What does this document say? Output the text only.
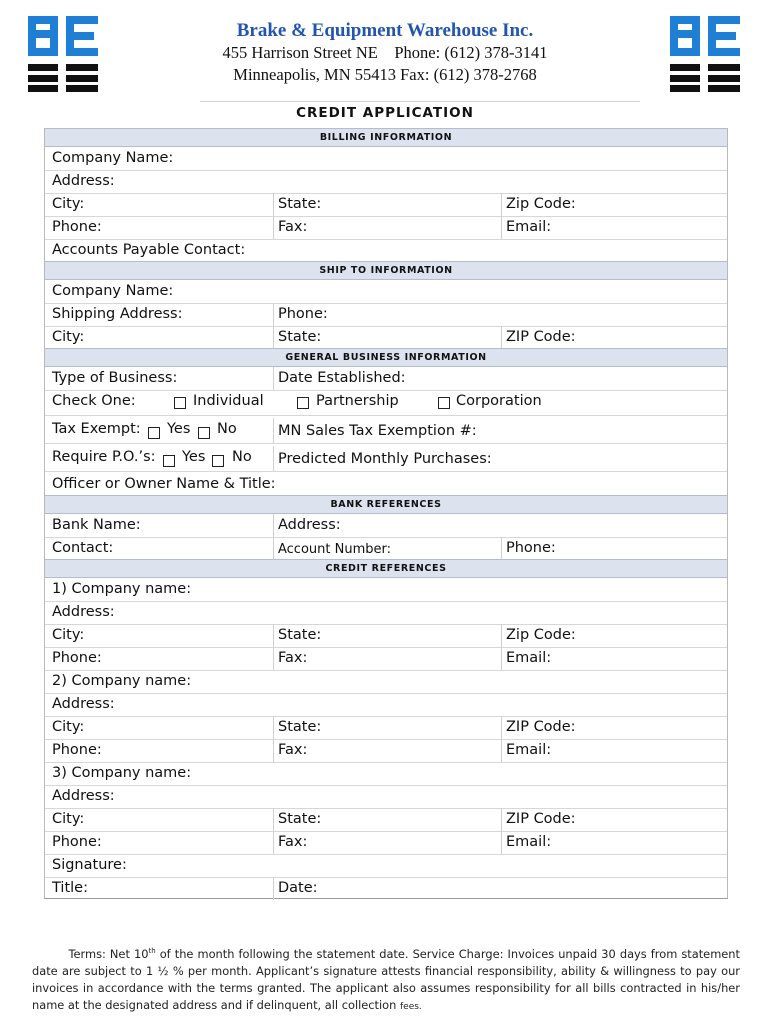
Brake & Equipment Warehouse Inc.
455 Harrison Street NE    Phone: (612) 378-3141
Minneapolis, MN 55413 Fax: (612) 378-2768
CREDIT APPLICATION
BILLING INFORMATION
Company Name:
Address:
City:	State:	Zip Code:
Phone:	Fax:	Email:
Accounts Payable Contact:
SHIP TO INFORMATION
Company Name:
Shipping Address:	Phone:
City:	State:	ZIP Code:
GENERAL BUSINESS INFORMATION
Type of Business:	Date Established:
Check One:	Individual	Partnership	Corporation
Tax Exempt: Yes No	MN Sales Tax Exemption #:
Require P.O.’s: Yes No Predicted Monthly Purchases:
Officer or Owner Name & Title:
BANK REFERENCES
Bank Name:	Address:
Contact:	Account Number:	Phone:
CREDIT REFERENCES
1) Company name:
Address:
City:	State:	Zip Code:
Phone:	Fax:	Email:
2) Company name:
Address:
City:	State:	ZIP Code:
Phone:	Fax:	Email:
3) Company name:
Address:
City:	State:	ZIP Code:
Phone:	Fax:	Email:
Signature:
Title:	Date:
Terms: Net 10th of the month following the statement date. Service Charge: Invoices unpaid 30 days from statement date are subject to 1 ½ % per month. Applicant’s signature attests financial responsibility, ability & willingness to pay our invoices in accordance with the terms granted. The applicant also assumes responsibility for all bills contracted in his/her name at the designated address and if delinquent, all collection fees.
